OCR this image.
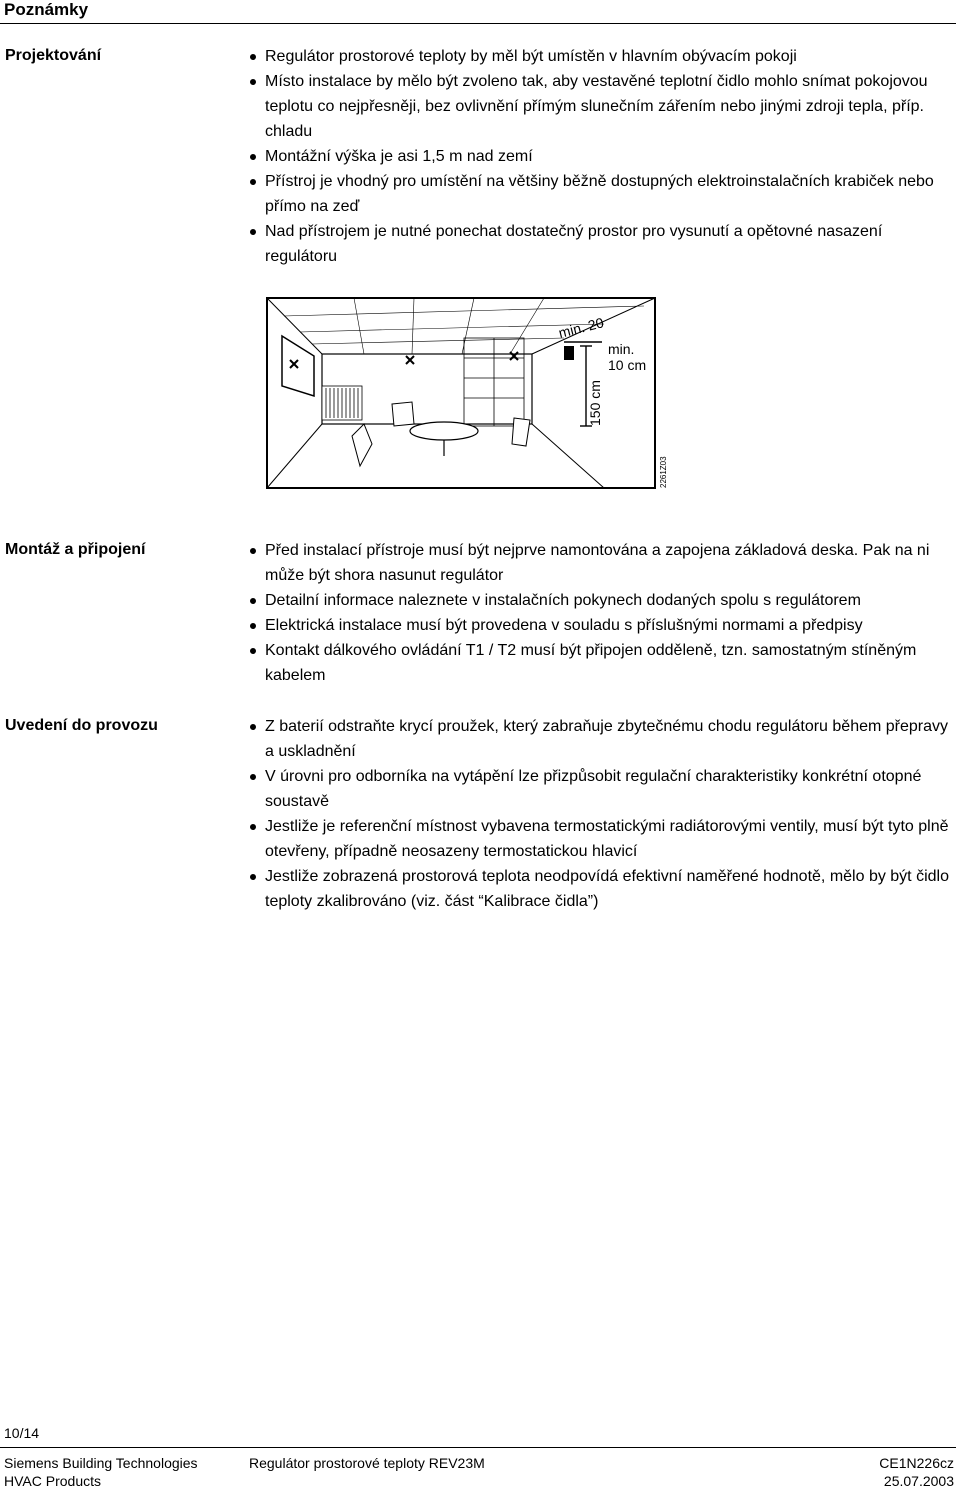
Poznámky
Projektování	Regulátor prostorové teploty by měl být umístěn v hlavním obývacím pokoji
Místo instalace by mělo být zvoleno tak, aby vestavěné teplotní čidlo mohlo snímat pokojovou teplotu co nejpřesněji, bez ovlivnění přímým slunečním zářením nebo jinými zdroji tepla, příp. chladu
Montážní výška je asi 1,5 m nad zemí
Přístroj je vhodný pro umístění na většiny běžně dostupných elektroinstalačních krabiček nebo přímo na zeď
Nad přístrojem je nutné ponechat dostatečný prostor pro vysunutí a opětovné nasazení regulátoru
min. 20
min.
10 cm
150 cm
2261Z03
Montáž a připojení	Před instalací přístroje musí být nejprve namontována a zapojena základová deska. Pak na ni může být shora nasunut regulátor
Detailní informace naleznete v instalačních pokynech dodaných spolu s regulátorem
Elektrická instalace musí být provedena v souladu s příslušnými normami a předpisy
Kontakt dálkového ovládání T1 / T2 musí být připojen odděleně, tzn. samostatným stíněným kabelem
Uvedení do provozu	Z baterií odstraňte krycí proužek, který zabraňuje zbytečnému chodu regulátoru během přepravy a uskladnění
V úrovni pro odborníka na vytápění lze přizpůsobit regulační charakteristiky konkrétní otopné soustavě
Jestliže je referenční místnost vybavena termostatickými radiátorovými ventily, musí být tyto plně otevřeny, případně neosazeny termostatickou hlavicí
Jestliže zobrazená prostorová teplota neodpovídá efektivní naměřené hodnotě, mělo by být čidlo teploty zkalibrováno (viz. část “Kalibrace čidla”)
10/14
Siemens Building Technologies
HVAC Products
Regulátor prostorové teploty REV23M	CE1N226cz
25.07.2003
